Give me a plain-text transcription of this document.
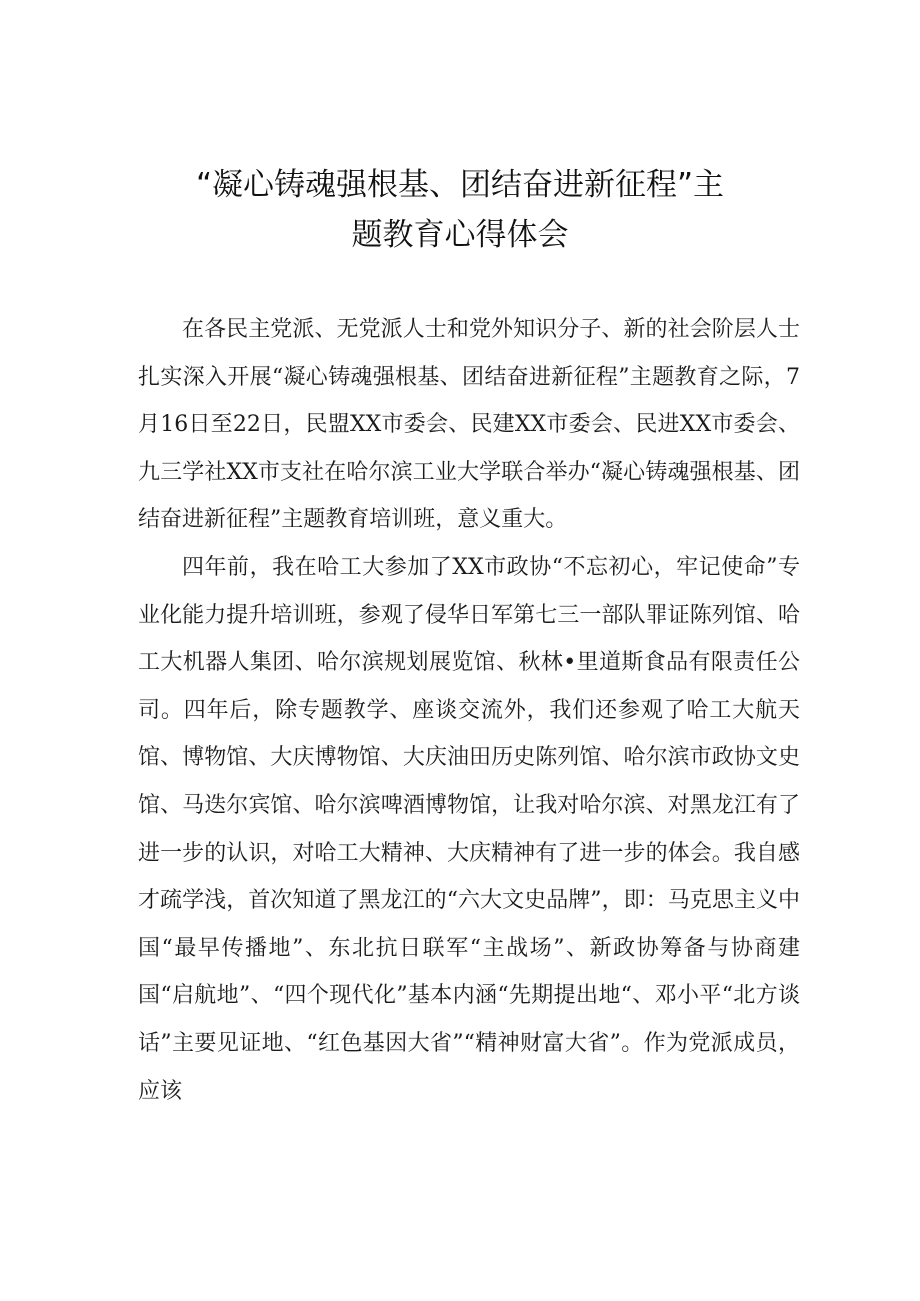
“凝心铸魂强根基、团结奋进新征程”主
题教育心得体会

在各民主党派、无党派人士和党外知识分子、新的社会阶层人士扎实深入开展“凝心铸魂强根基、团结奋进新征程”主题教育之际，7月16日至22日，民盟XX市委会、民建XX市委会、民进XX市委会、九三学社XX市支社在哈尔滨工业大学联合举办“凝心铸魂强根基、团结奋进新征程”主题教育培训班，意义重大。

四年前，我在哈工大参加了XX市政协“不忘初心，牢记使命”专业化能力提升培训班，参观了侵华日军第七三一部队罪证陈列馆、哈工大机器人集团、哈尔滨规划展览馆、秋林•里道斯食品有限责任公司。四年后，除专题教学、座谈交流外，我们还参观了哈工大航天馆、博物馆、大庆博物馆、大庆油田历史陈列馆、哈尔滨市政协文史馆、马迭尔宾馆、哈尔滨啤酒博物馆，让我对哈尔滨、对黑龙江有了进一步的认识，对哈工大精神、大庆精神有了进一步的体会。我自感才疏学浅，首次知道了黑龙江的“六大文史品牌”，即：马克思主义中国“最早传播地”、东北抗日联军“主战场”、新政协筹备与协商建国“启航地”、“四个现代化”基本内涵“先期提出地“、邓小平“北方谈话”主要见证地、“红色基因大省”“精神财富大省”。作为党派成员，应该
